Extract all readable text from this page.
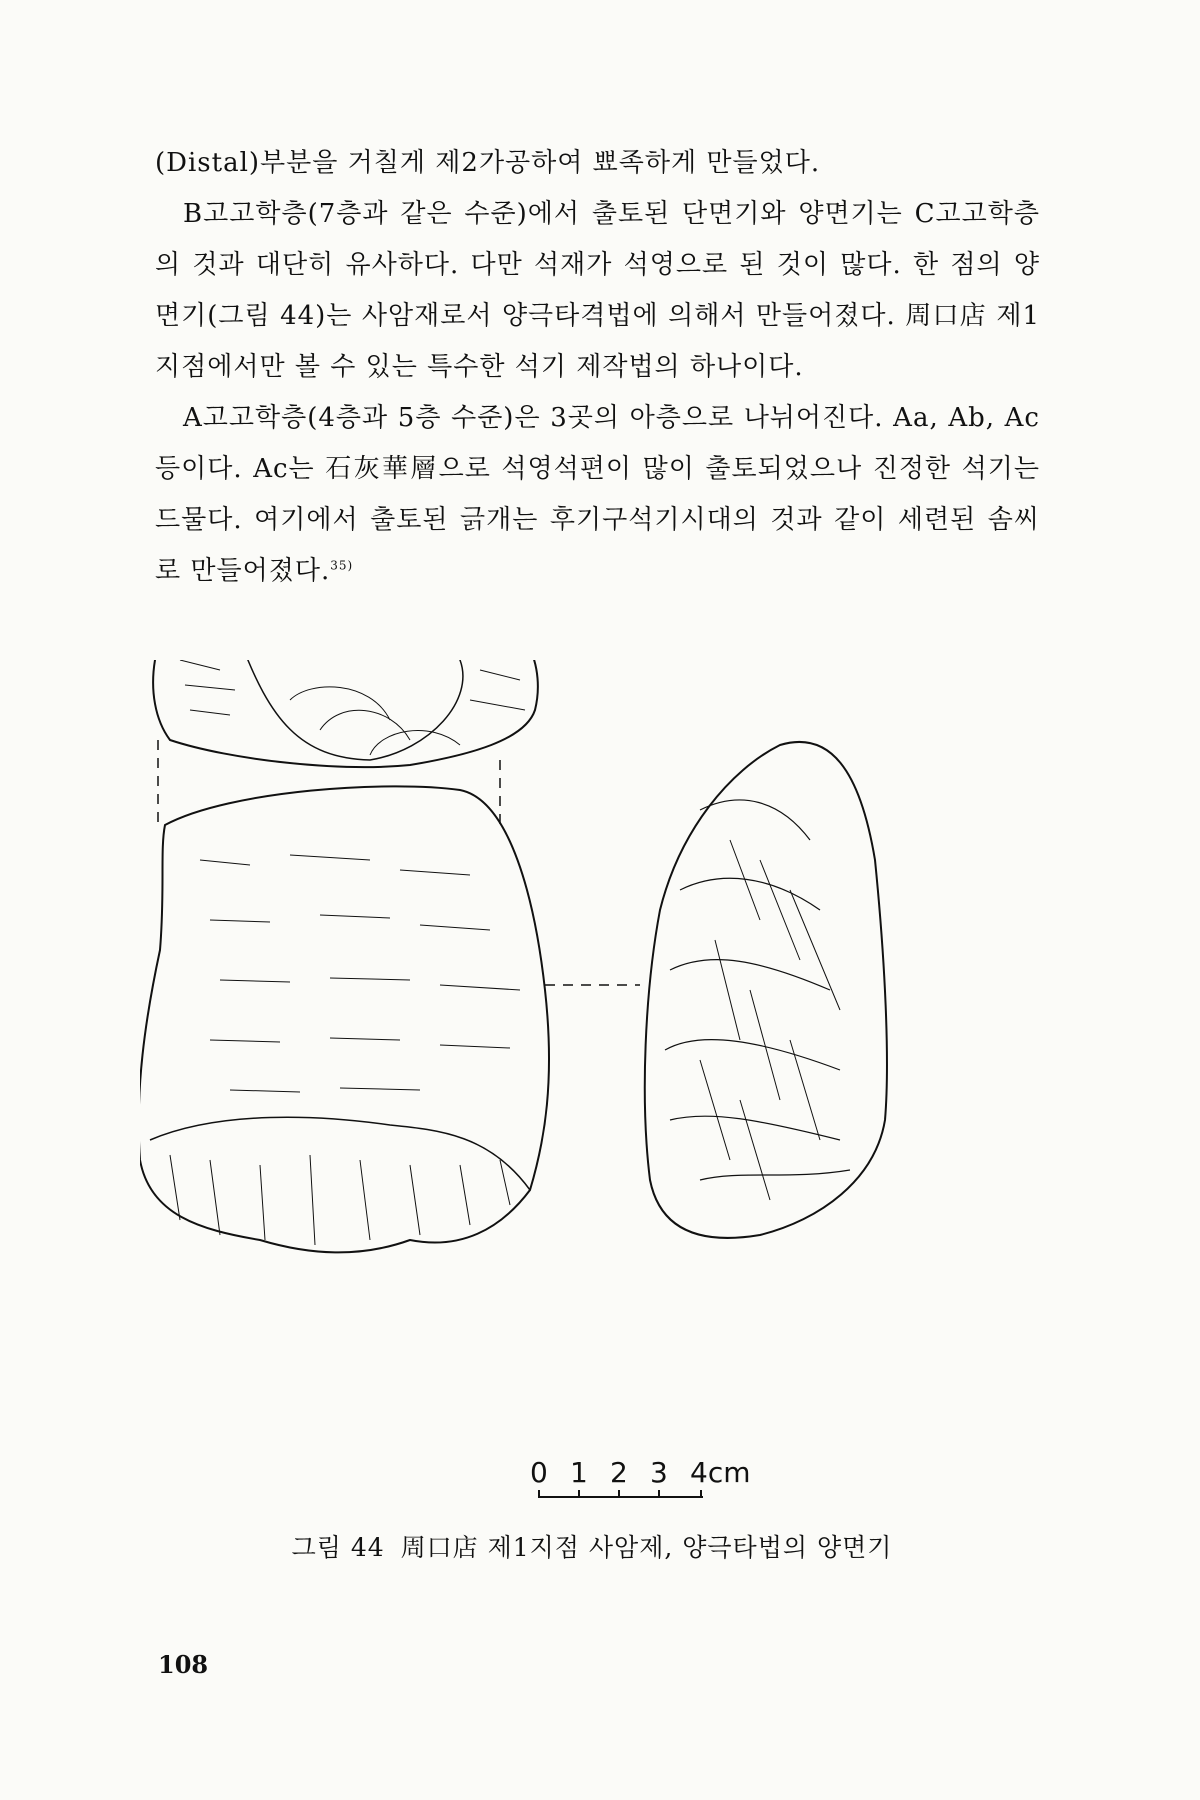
(Distal)부분을 거칠게 제2가공하여 뾰족하게 만들었다.

B고고학층(7층과 같은 수준)에서 출토된 단면기와 양면기는 C고고학층의 것과 대단히 유사하다. 다만 석재가 석영으로 된 것이 많다. 한 점의 양면기(그림 44)는 사암재로서 양극타격법에 의해서 만들어졌다. 周口店 제1지점에서만 볼 수 있는 특수한 석기 제작법의 하나이다.

A고고학층(4층과 5층 수준)은 3곳의 아층으로 나뉘어진다. Aa, Ab, Ac 등이다. Ac는 石灰華層으로 석영석편이 많이 출토되었으나 진정한 석기는 드물다. 여기에서 출토된 긁개는 후기구석기시대의 것과 같이 세련된 솜씨로 만들어졌다.$^{35)}$

0 1 2 3 4cm
그림 44 周口店 제1지점 사암제, 양극타법의 양면기
108
